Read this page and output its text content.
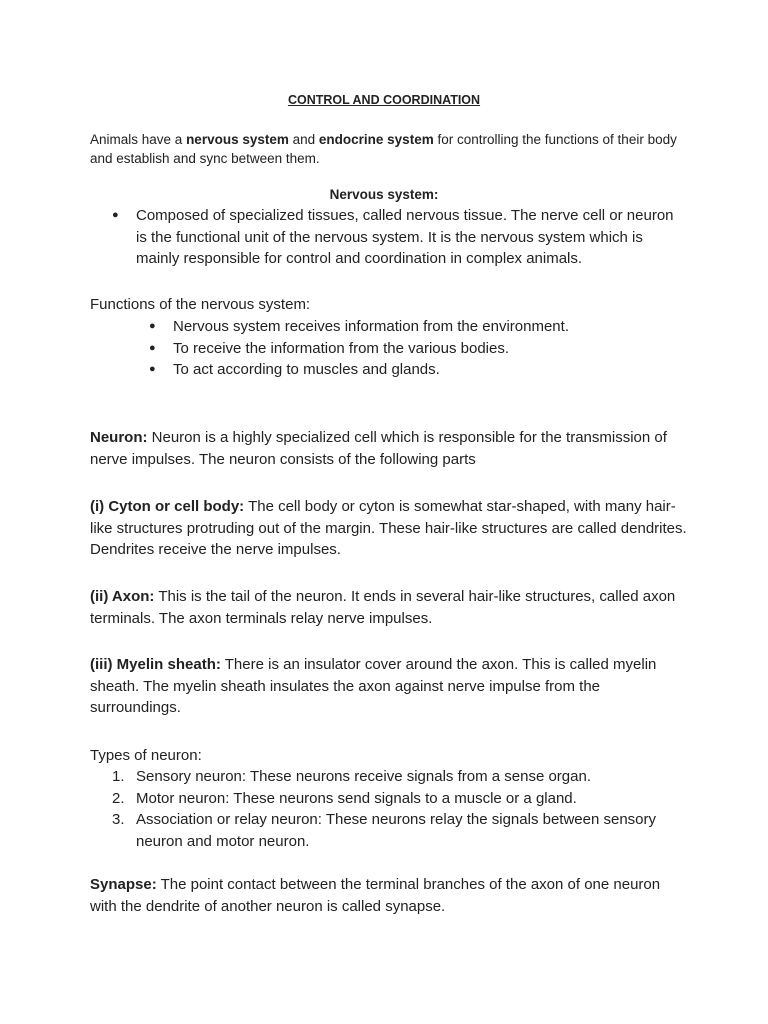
CONTROL AND COORDINATION
Animals have a nervous system and endocrine system for controlling the functions of their body and establish and sync between them.
Nervous system:
● Composed of specialized tissues, called nervous tissue. The nerve cell or neuron is the functional unit of the nervous system. It is the nervous system which is mainly responsible for control and coordination in complex animals.
Functions of the nervous system:
● Nervous system receives information from the environment.
● To receive the information from the various bodies.
● To act according to muscles and glands.
Neuron: Neuron is a highly specialized cell which is responsible for the transmission of nerve impulses. The neuron consists of the following parts
(i) Cyton or cell body: The cell body or cyton is somewhat star-shaped, with many hair-like structures protruding out of the margin. These hair-like structures are called dendrites. Dendrites receive the nerve impulses.
(ii) Axon: This is the tail of the neuron. It ends in several hair-like structures, called axon terminals. The axon terminals relay nerve impulses.
(iii) Myelin sheath: There is an insulator cover around the axon. This is called myelin sheath. The myelin sheath insulates the axon against nerve impulse from the surroundings.
Types of neuron:
1. Sensory neuron: These neurons receive signals from a sense organ.
2. Motor neuron: These neurons send signals to a muscle or a gland.
3. Association or relay neuron: These neurons relay the signals between sensory neuron and motor neuron.
Synapse: The point contact between the terminal branches of the axon of one neuron with the dendrite of another neuron is called synapse.
